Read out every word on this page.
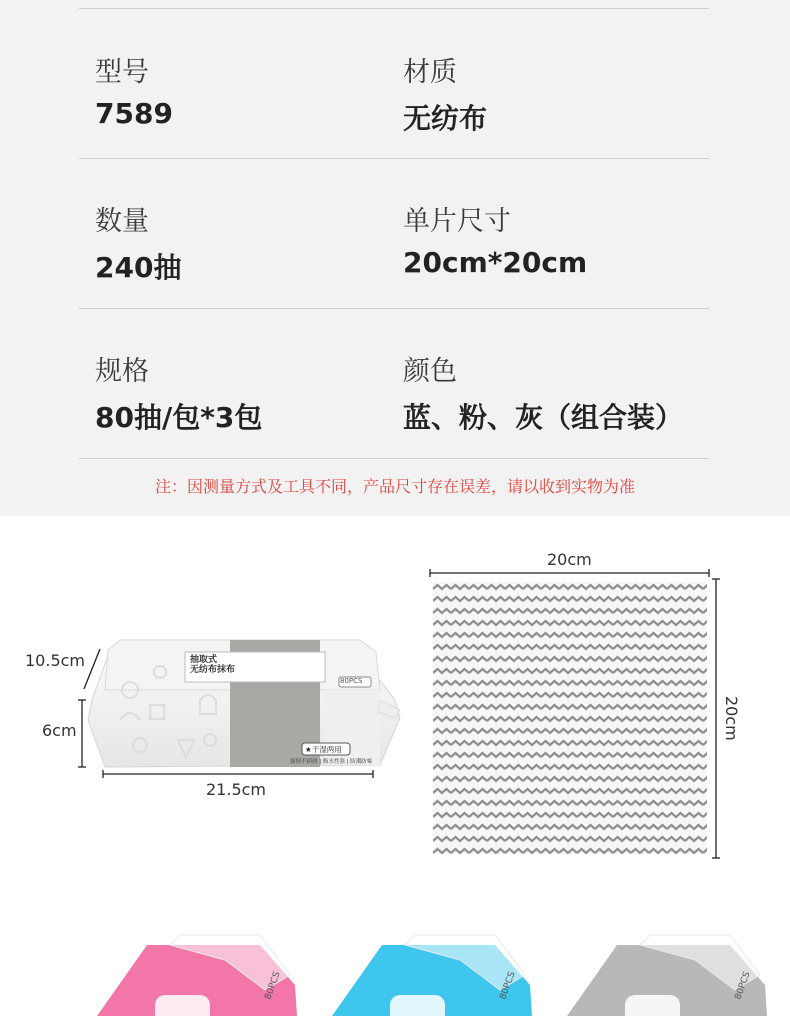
型号
7589
材质
无纺布
数量
240抽
单片尺寸
20cm*20cm
规格
80抽/包*3包
颜色
蓝、粉、灰（组合装）
注：因测量方式及工具不同，产品尺寸存在误差，请以收到实物为准
抽取式
无纺布抹布
80PCS
★干湿两用
强韧不掉屑 | 吸水性强 | 防潮防霉
10.5cm
6cm
21.5cm
20cm
20cm
80PCS	80PCS	80PCS
